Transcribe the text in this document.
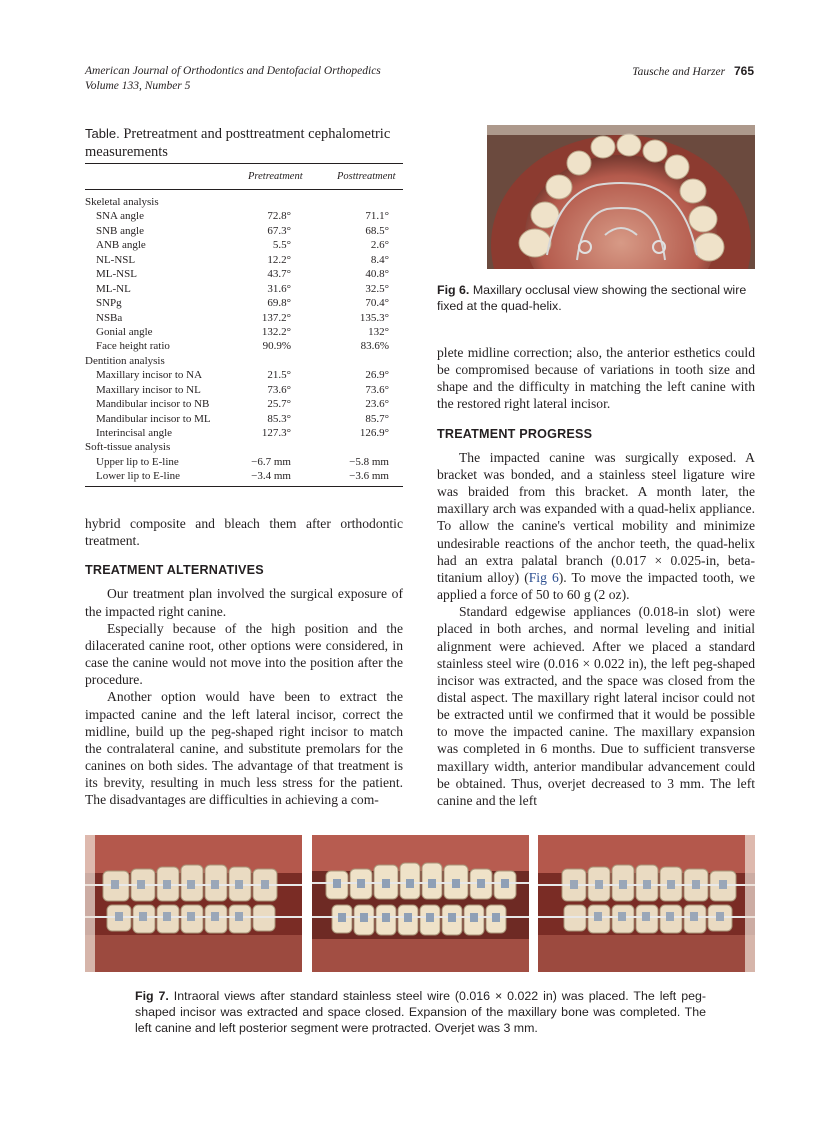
American Journal of Orthodontics and Dentofacial Orthopedics
Volume 133, Number 5
Tausche and Harzer 765
Table. Pretreatment and posttreatment cephalometric measurements
Pretreatment	Posttreatment
Skeletal analysis
SNA angle	72.8°	71.1°
SNB angle	67.3°	68.5°
ANB angle	5.5°	2.6°
NL-NSL	12.2°	8.4°
ML-NSL	43.7°	40.8°
ML-NL	31.6°	32.5°
SNPg	69.8°	70.4°
NSBa	137.2°	135.3°
Gonial angle	132.2°	132°
Face height ratio	90.9%	83.6%
Dentition analysis
Maxillary incisor to NA	21.5°	26.9°
Maxillary incisor to NL	73.6°	73.6°
Mandibular incisor to NB	25.7°	23.6°
Mandibular incisor to ML	85.3°	85.7°
Interincisal angle	127.3°	126.9°
Soft-tissue analysis
Upper lip to E-line	−6.7 mm	−5.8 mm
Lower lip to E-line	−3.4 mm	−3.6 mm
Fig 6. Maxillary occlusal view showing the sectional wire fixed at the quad-helix.

hybrid composite and bleach them after orthodontic treatment.

TREATMENT ALTERNATIVES

Our treatment plan involved the surgical exposure of the impacted right canine.

Especially because of the high position and the dilacerated canine root, other options were considered, in case the canine would not move into the position after the procedure.

Another option would have been to extract the impacted canine and the left lateral incisor, correct the midline, build up the peg-shaped right incisor to match the contralateral canine, and substitute premolars for the canines on both sides. The advantage of that treatment is its brevity, resulting in much less stress for the patient. The disadvantages are difficulties in achieving a com-

plete midline correction; also, the anterior esthetics could be compromised because of variations in tooth size and shape and the difficulty in matching the left canine with the restored right lateral incisor.

TREATMENT PROGRESS

The impacted canine was surgically exposed. A bracket was bonded, and a stainless steel ligature wire was braided from this bracket. A month later, the maxillary arch was expanded with a quad-helix appliance. To allow the canine's vertical mobility and minimize undesirable reactions of the anchor teeth, the quad-helix had an extra palatal branch (0.017 × 0.025-in, beta-titanium alloy) (Fig 6). To move the impacted tooth, we applied a force of 50 to 60 g (2 oz).

Standard edgewise appliances (0.018-in slot) were placed in both arches, and normal leveling and initial alignment were achieved. After we placed a standard stainless steel wire (0.016 × 0.022 in), the left peg-shaped incisor was extracted, and the space was closed from the distal aspect. The maxillary right lateral incisor could not be extracted until we confirmed that it would be possible to move the impacted canine. The maxillary expansion was completed in 6 months. Due to sufficient transverse maxillary width, anterior mandibular advancement could be obtained. Thus, overjet decreased to 3 mm. The left canine and the left

Fig 7. Intraoral views after standard stainless steel wire (0.016 × 0.022 in) was placed. The left peg-shaped incisor was extracted and space closed. Expansion of the maxillary bone was completed. The left canine and left posterior segment were protracted. Overjet was 3 mm.
